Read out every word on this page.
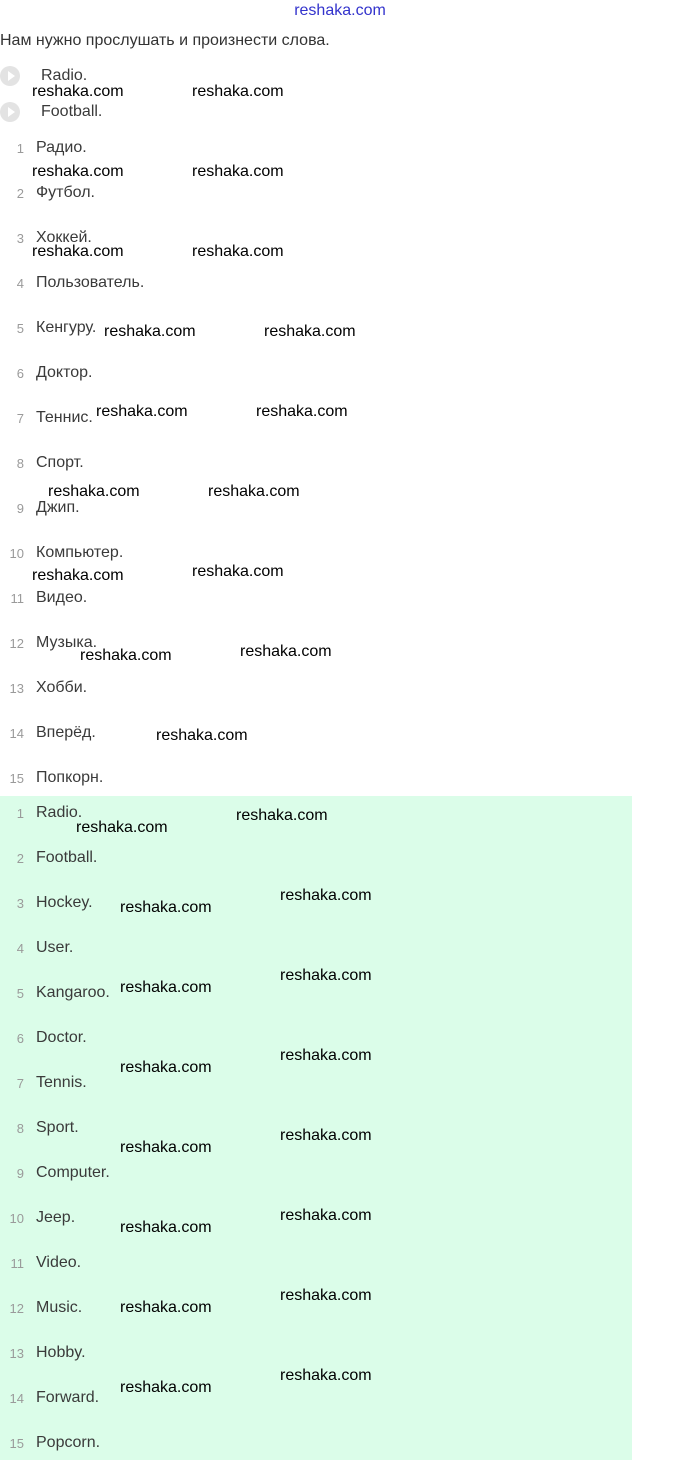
reshaka.com
Нам нужно прослушать и произнести слова.
Radio.
Football.
1 Радио.
2 Футбол.
3 Хоккей.
4 Пользователь.
5 Кенгуру.
6 Доктор.
7 Теннис.
8 Спорт.
9 Джип.
10 Компьютер.
11 Видео.
12 Музыка.
13 Хобби.
14 Вперёд.
15 Попкорн.
1 Radio.
2 Football.
3 Hockey.
4 User.
5 Kangaroo.
6 Doctor.
7 Tennis.
8 Sport.
9 Computer.
10 Jeep.
11 Video.
12 Music.
13 Hobby.
14 Forward.
15 Popcorn.
reshaka.com	reshaka.com
reshaka.com	reshaka.com
reshaka.com	reshaka.com
reshaka.com	reshaka.com
reshaka.com	reshaka.com
reshaka.com	reshaka.com
reshaka.com	reshaka.com
reshaka.com	reshaka.com
reshaka.com
reshaka.com
reshaka.com
reshaka.com
reshaka.com
reshaka.com
reshaka.com
reshaka.com
reshaka.com
reshaka.com
reshaka.com
reshaka.com
reshaka.com
reshaka.com
reshaka.com
reshaka.com
reshaka.com
